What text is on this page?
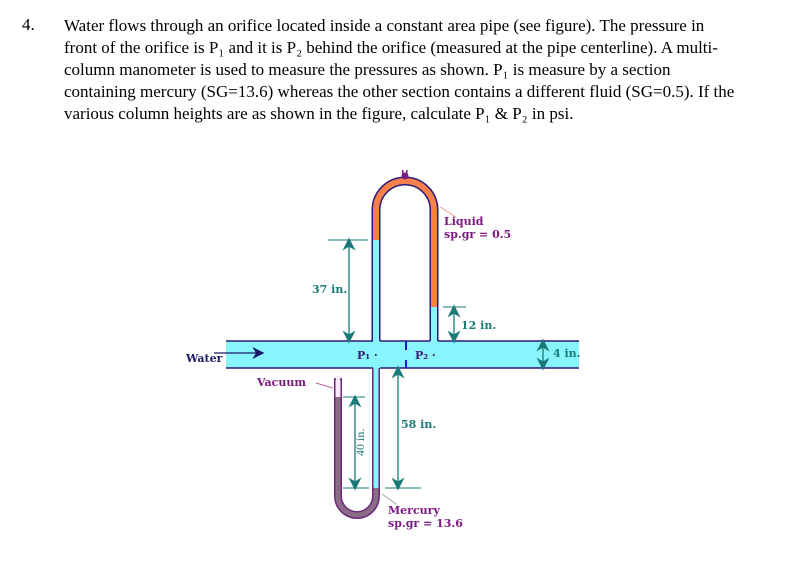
4. Water flows through an orifice located inside a constant area pipe (see figure). The pressure in
front of the orifice is P₁ and it is P₂ behind the orifice (measured at the pipe centerline). A multi-
column manometer is used to measure the pressures as shown. P₁ is measure by a section
containing mercury (SG=13.6) whereas the other section contains a different fluid (SG=0.5). If the
various column heights are as shown in the figure, calculate P₁ & P₂ in psi.
37 in.
12 in.
4 in.
58 in.
40 in.
Water	P₁ ·	P₂ ·
Vacuum
Liquid
sp.gr = 0.5
Mercury
sp.gr = 13.6
